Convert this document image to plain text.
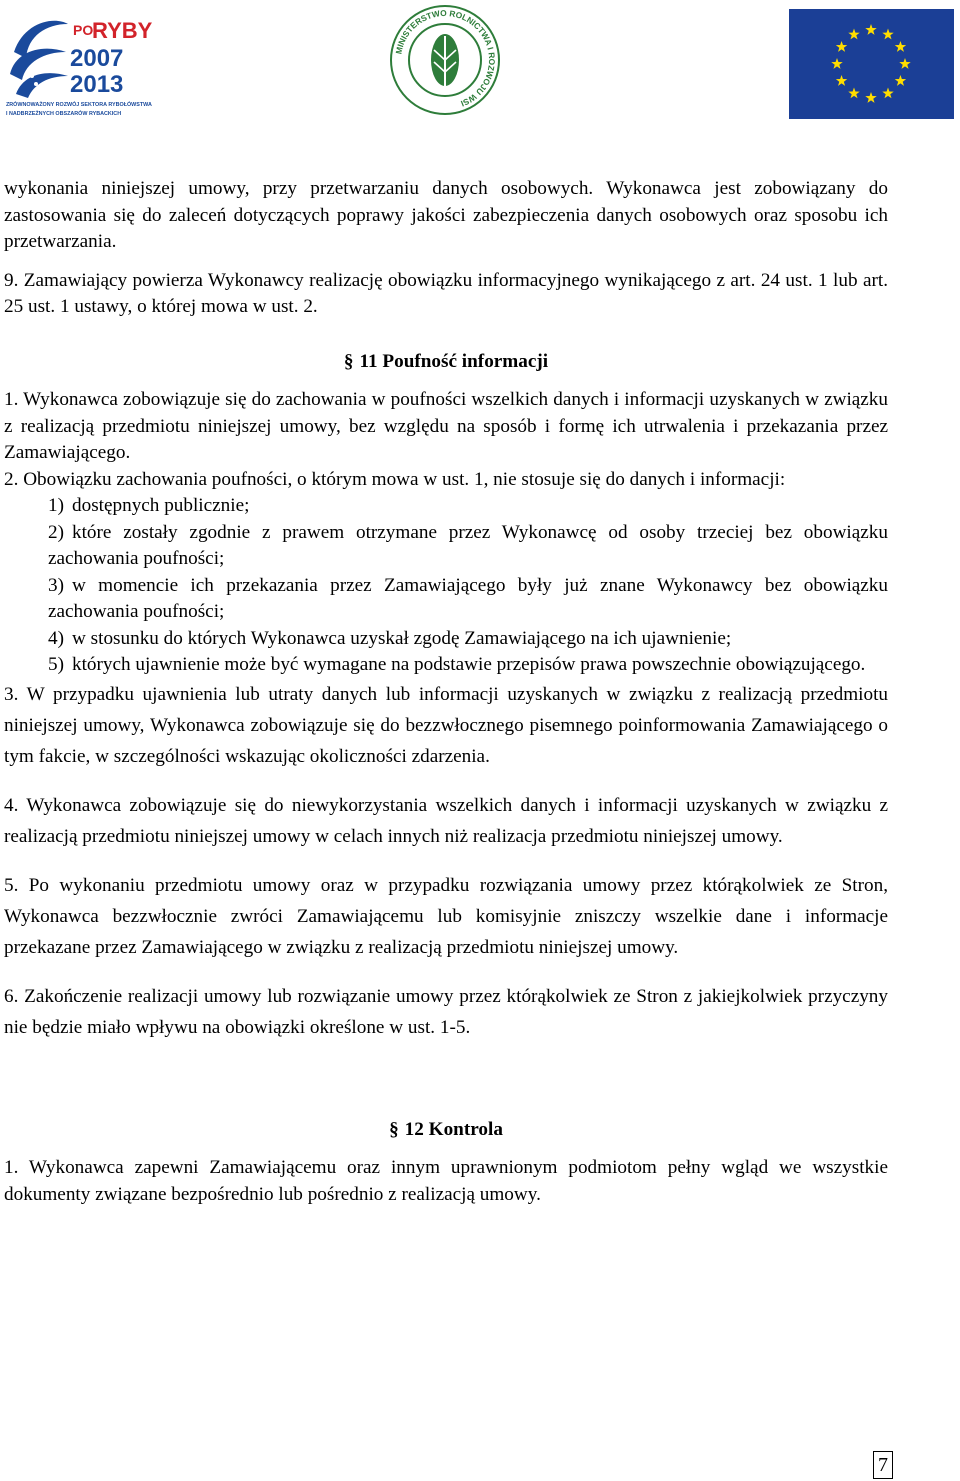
PO
RYBY
2007
2013
ZRÓWNOWAŻONY ROZWÓJ SEKTORA RYBOŁÓWSTWA
I NADBRZEŻNYCH OBSZARÓW RYBACKICH
MINISTERSTWO ROLNICTWA I ROZWOJU WSI

wykonania niniejszej umowy, przy przetwarzaniu danych osobowych. Wykonawca jest zobowiązany do zastosowania się do zaleceń dotyczących poprawy jakości zabezpieczenia danych osobowych oraz sposobu ich przetwarzania.

9. Zamawiający powierza Wykonawcy realizację obowiązku informacyjnego wynikającego z art. 24 ust. 1 lub art. 25 ust. 1 ustawy, o której mowa w ust. 2.

§ 11 Poufność informacji

1. Wykonawca zobowiązuje się do zachowania w poufności wszelkich danych i informacji uzyskanych w związku z realizacją przedmiotu niniejszej umowy, bez względu na sposób i formę ich utrwalenia i przekazania przez Zamawiającego.

2. Obowiązku zachowania poufności, o którym mowa w ust. 1, nie stosuje się do danych i informacji:

1) dostępnych publicznie;

2) które zostały zgodnie z prawem otrzymane przez Wykonawcę od osoby trzeciej bez obowiązku zachowania poufności;

3) w momencie ich przekazania przez Zamawiającego były już znane Wykonawcy bez obowiązku zachowania poufności;

4) w stosunku do których Wykonawca uzyskał zgodę Zamawiającego na ich ujawnienie;

5) których ujawnienie może być wymagane na podstawie przepisów prawa powszechnie obowiązującego.

3. W przypadku ujawnienia lub utraty danych lub informacji uzyskanych w związku z realizacją przedmiotu niniejszej umowy, Wykonawca zobowiązuje się do bezzwłocznego pisemnego poinformowania Zamawiającego o tym fakcie, w szczególności wskazując okoliczności zdarzenia.

4. Wykonawca zobowiązuje się do niewykorzystania wszelkich danych i informacji uzyskanych w związku z realizacją przedmiotu niniejszej umowy w celach innych niż realizacja przedmiotu niniejszej umowy.

5. Po wykonaniu przedmiotu umowy oraz w przypadku rozwiązania umowy przez którąkolwiek ze Stron, Wykonawca bezzwłocznie zwróci Zamawiającemu lub komisyjnie zniszczy wszelkie dane i informacje przekazane przez Zamawiającego w związku z realizacją przedmiotu niniejszej umowy.

6. Zakończenie realizacji umowy lub rozwiązanie umowy przez którąkolwiek ze Stron z jakiejkolwiek przyczyny nie będzie miało wpływu na obowiązki określone w ust. 1-5.

§ 12 Kontrola

1. Wykonawca zapewni Zamawiającemu oraz innym uprawnionym podmiotom pełny wgląd we wszystkie dokumenty związane bezpośrednio lub pośrednio z realizacją umowy.

7
